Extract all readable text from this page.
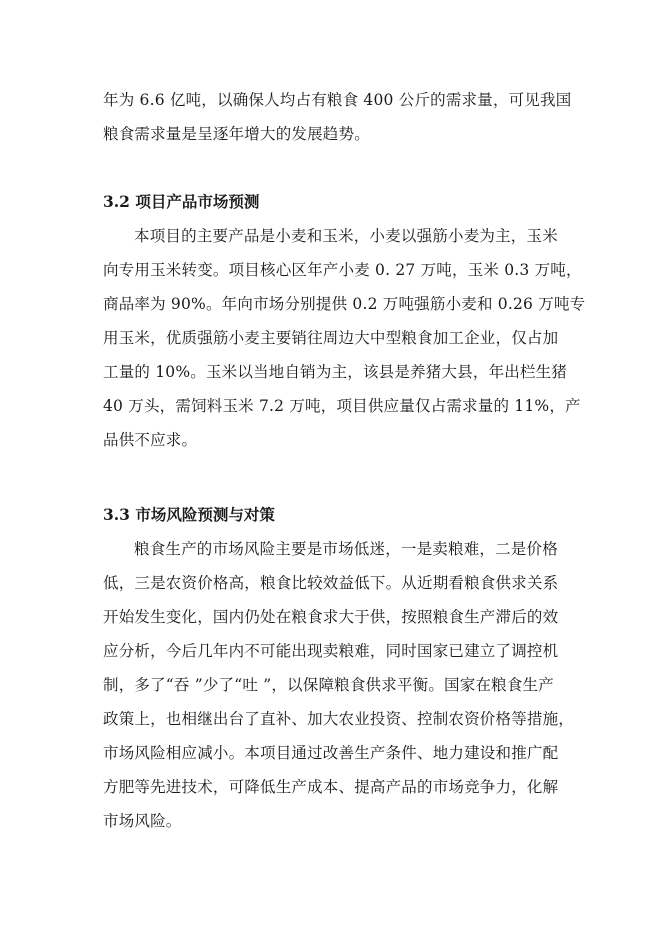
年为 6.6 亿吨，以确保人均占有粮食 400 公斤的需求量，可见我国
粮食需求量是呈逐年增大的发展趋势。
3.2 项目产品市场预测
本项目的主要产品是小麦和玉米，小麦以强筋小麦为主，玉米
向专用玉米转变。项目核心区年产小麦 0. 27 万吨，玉米 0.3 万吨，
商品率为 90%。年向市场分别提供 0.2 万吨强筋小麦和 0.26 万吨专
用玉米，优质强筋小麦主要销往周边大中型粮食加工企业，仅占加
工量的 10%。玉米以当地自销为主，该县是养猪大县，年出栏生猪
40 万头，需饲料玉米 7.2 万吨，项目供应量仅占需求量的 11%，产
品供不应求。
3.3 市场风险预测与对策
粮食生产的市场风险主要是市场低迷，一是卖粮难，二是价格
低，三是农资价格高，粮食比较效益低下。从近期看粮食供求关系
开始发生变化，国内仍处在粮食求大于供，按照粮食生产滞后的效
应分析，今后几年内不可能出现卖粮难，同时国家已建立了调控机
制，多了“吞 ”少了“吐 ”，以保障粮食供求平衡。国家在粮食生产
政策上，也相继出台了直补、加大农业投资、控制农资价格等措施，
市场风险相应减小。本项目通过改善生产条件、地力建设和推广配
方肥等先进技术，可降低生产成本、提高产品的市场竞争力，化解
市场风险。
